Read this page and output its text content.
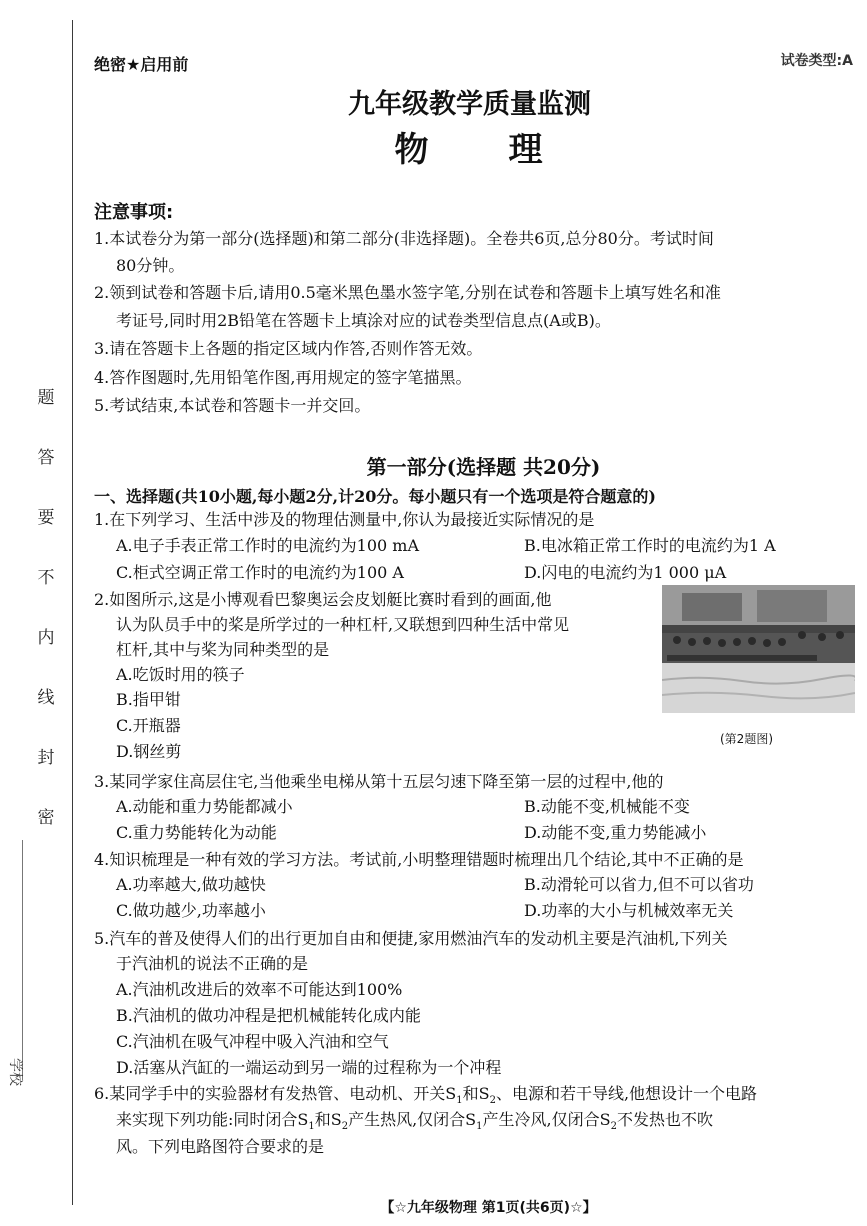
题
答
要
不
内
线
封
密
学校
绝密★启用前	试卷类型:A
九年级教学质量监测
物理
注意事项:
1.本试卷分为第一部分(选择题)和第二部分(非选择题)。全卷共6页,总分80分。考试时间
80分钟。
2.领到试卷和答题卡后,请用0.5毫米黑色墨水签字笔,分别在试卷和答题卡上填写姓名和准
考证号,同时用2B铅笔在答题卡上填涂对应的试卷类型信息点(A或B)。
3.请在答题卡上各题的指定区域内作答,否则作答无效。
4.答作图题时,先用铅笔作图,再用规定的签字笔描黑。
5.考试结束,本试卷和答题卡一并交回。
第一部分(选择题 共20分)
一、选择题(共10小题,每小题2分,计20分。每小题只有一个选项是符合题意的)
1.在下列学习、生活中涉及的物理估测量中,你认为最接近实际情况的是
A.电子手表正常工作时的电流约为100 mA	B.电冰箱正常工作时的电流约为1 A
C.柜式空调正常工作时的电流约为100 A	D.闪电的电流约为1 000 μA
2.如图所示,这是小博观看巴黎奥运会皮划艇比赛时看到的画面,他
认为队员手中的桨是所学过的一种杠杆,又联想到四种生活中常见
杠杆,其中与桨为同种类型的是
A.吃饭时用的筷子
B.指甲钳
C.开瓶器
D.钢丝剪
(第2题图)
3.某同学家住高层住宅,当他乘坐电梯从第十五层匀速下降至第一层的过程中,他的
A.动能和重力势能都减小	B.动能不变,机械能不变
C.重力势能转化为动能	D.动能不变,重力势能减小
4.知识梳理是一种有效的学习方法。考试前,小明整理错题时梳理出几个结论,其中不正确的是
A.功率越大,做功越快	B.动滑轮可以省力,但不可以省功
C.做功越少,功率越小	D.功率的大小与机械效率无关
5.汽车的普及使得人们的出行更加自由和便捷,家用燃油汽车的发动机主要是汽油机,下列关
于汽油机的说法不正确的是
A.汽油机改进后的效率不可能达到100%
B.汽油机的做功冲程是把机械能转化成内能
C.汽油机在吸气冲程中吸入汽油和空气
D.活塞从汽缸的一端运动到另一端的过程称为一个冲程
6.某同学手中的实验器材有发热管、电动机、开关$S_1$和$S_2$、电源和若干导线,他想设计一个电路
来实现下列功能:同时闭合$S_1$和$S_2$产生热风,仅闭合$S_1$产生冷风,仅闭合$S_2$不发热也不吹
风。下列电路图符合要求的是
【☆九年级物理 第1页(共6页)☆】
